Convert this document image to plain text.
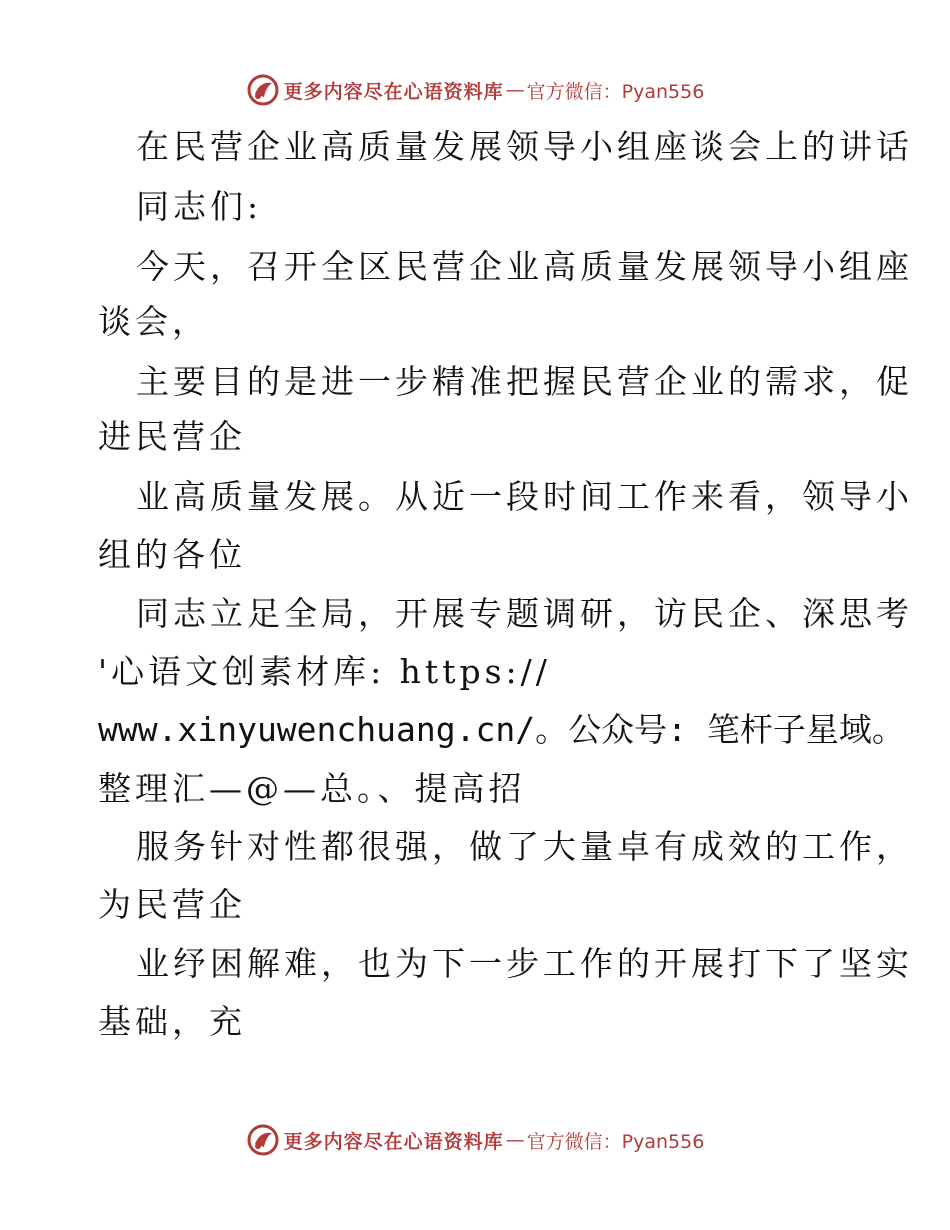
更多内容尽在心语资料库 — 官方微信：Pyan556
在民营企业高质量发展领导小组座谈会上的讲话
同志们:
今天，召开全区民营企业高质量发展领导小组座
谈会，
主要目的是进一步精准把握民营企业的需求，促
进民营企
业高质量发展。从近一段时间工作来看，领导小
组的各位
同志立足全局，开展专题调研，访民企、深思考
'心语文创素材库: https://
www.xinyuwenchuang.cn/。公众号: 笔杆子星域。
整理汇—@—总。、提高招
服务针对性都很强，做了大量卓有成效的工作，
为民营企
业纾困解难，也为下一步工作的开展打下了坚实
基础，充
更多内容尽在心语资料库 — 官方微信：Pyan556
